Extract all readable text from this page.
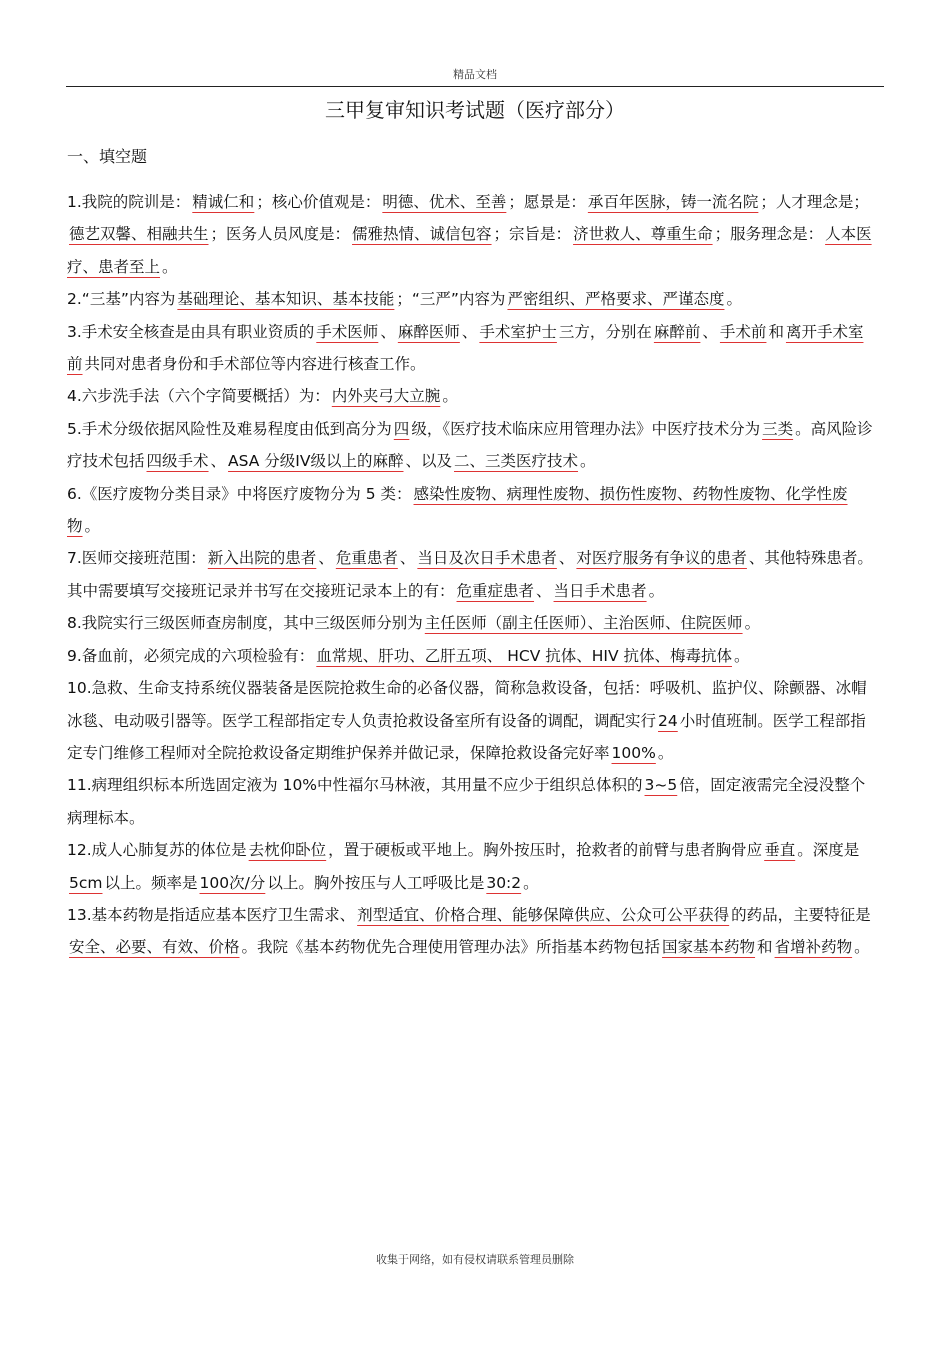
精品文档
三甲复审知识考试题（医疗部分）
一、填空题

1.我院的院训是： 精诚仁和 ；核心价值观是： 明德、优术、至善 ；愿景是： 承百年医脉，铸一流名院 ；人才理念是；德艺双馨、相融共生 ；医务人员风度是： 儒雅热情、诚信包容 ；宗旨是： 济世救人、尊重生命 ；服务理念是： 人本医疗、患者至上 。

2.“三基”内容为 基础理论、基本知识、基本技能 ；“三严”内容为 严密组织、严格要求、严谨态度 。

3.手术安全核查是由具有职业资质的 手术医师 、 麻醉医师 、 手术室护士 三方，分别在 麻醉前 、 手术前 和 离开手术室前 共同对患者身份和手术部位等内容进行核查工作。

4.六步洗手法（六个字简要概括）为： 内外夹弓大立腕 。

5.手术分级依据风险性及难易程度由低到高分为 四 级，《医疗技术临床应用管理办法》中医疗技术分为 三类 。高风险诊疗技术包括 四级手术 、 ASA 分级IV级以上的麻醉 、以及 二、三类医疗技术 。

6.《医疗废物分类目录》中将医疗废物分为 5 类： 感染性废物、病理性废物、损伤性废物、药物性废物、化学性废物 。

7.医师交接班范围： 新入出院的患者 、 危重患者 、 当日及次日手术患者 、 对医疗服务有争议的患者 、其他特殊患者。其中需要填写交接班记录并书写在交接班记录本上的有： 危重症患者 、 当日手术患者 。

8.我院实行三级医师查房制度，其中三级医师分别为 主任医师（副主任医师）、主治医师、住院医师 。

9.备血前，必须完成的六项检验有： 血常规、肝功、乙肝五项、 HCV 抗体、HIV 抗体、梅毒抗体 。

10.急救、生命支持系统仪器装备是医院抢救生命的必备仪器，简称急救设备，包括：呼吸机、监护仪、除颤器、冰帽冰毯、电动吸引器等。医学工程部指定专人负责抢救设备室所有设备的调配，调配实行 24 小时值班制。医学工程部指定专门维修工程师对全院抢救设备定期维护保养并做记录，保障抢救设备完好率 100% 。

11.病理组织标本所选固定液为 10%中性福尔马林液，其用量不应少于组织总体积的 3~5 倍，固定液需完全浸没整个病理标本。

12.成人心肺复苏的体位是 去枕仰卧位 ，置于硬板或平地上。胸外按压时，抢救者的前臂与患者胸骨应 垂直 。深度是5cm 以上。频率是 100次/分 以上。胸外按压与人工呼吸比是 30:2 。

13.基本药物是指适应基本医疗卫生需求、 剂型适宜、价格合理、能够保障供应、公众可公平获得 的药品，主要特征是安全、必要、有效、价格 。我院《基本药物优先合理使用管理办法》所指基本药物包括 国家基本药物 和 省增补药物 。

收集于网络，如有侵权请联系管理员删除
